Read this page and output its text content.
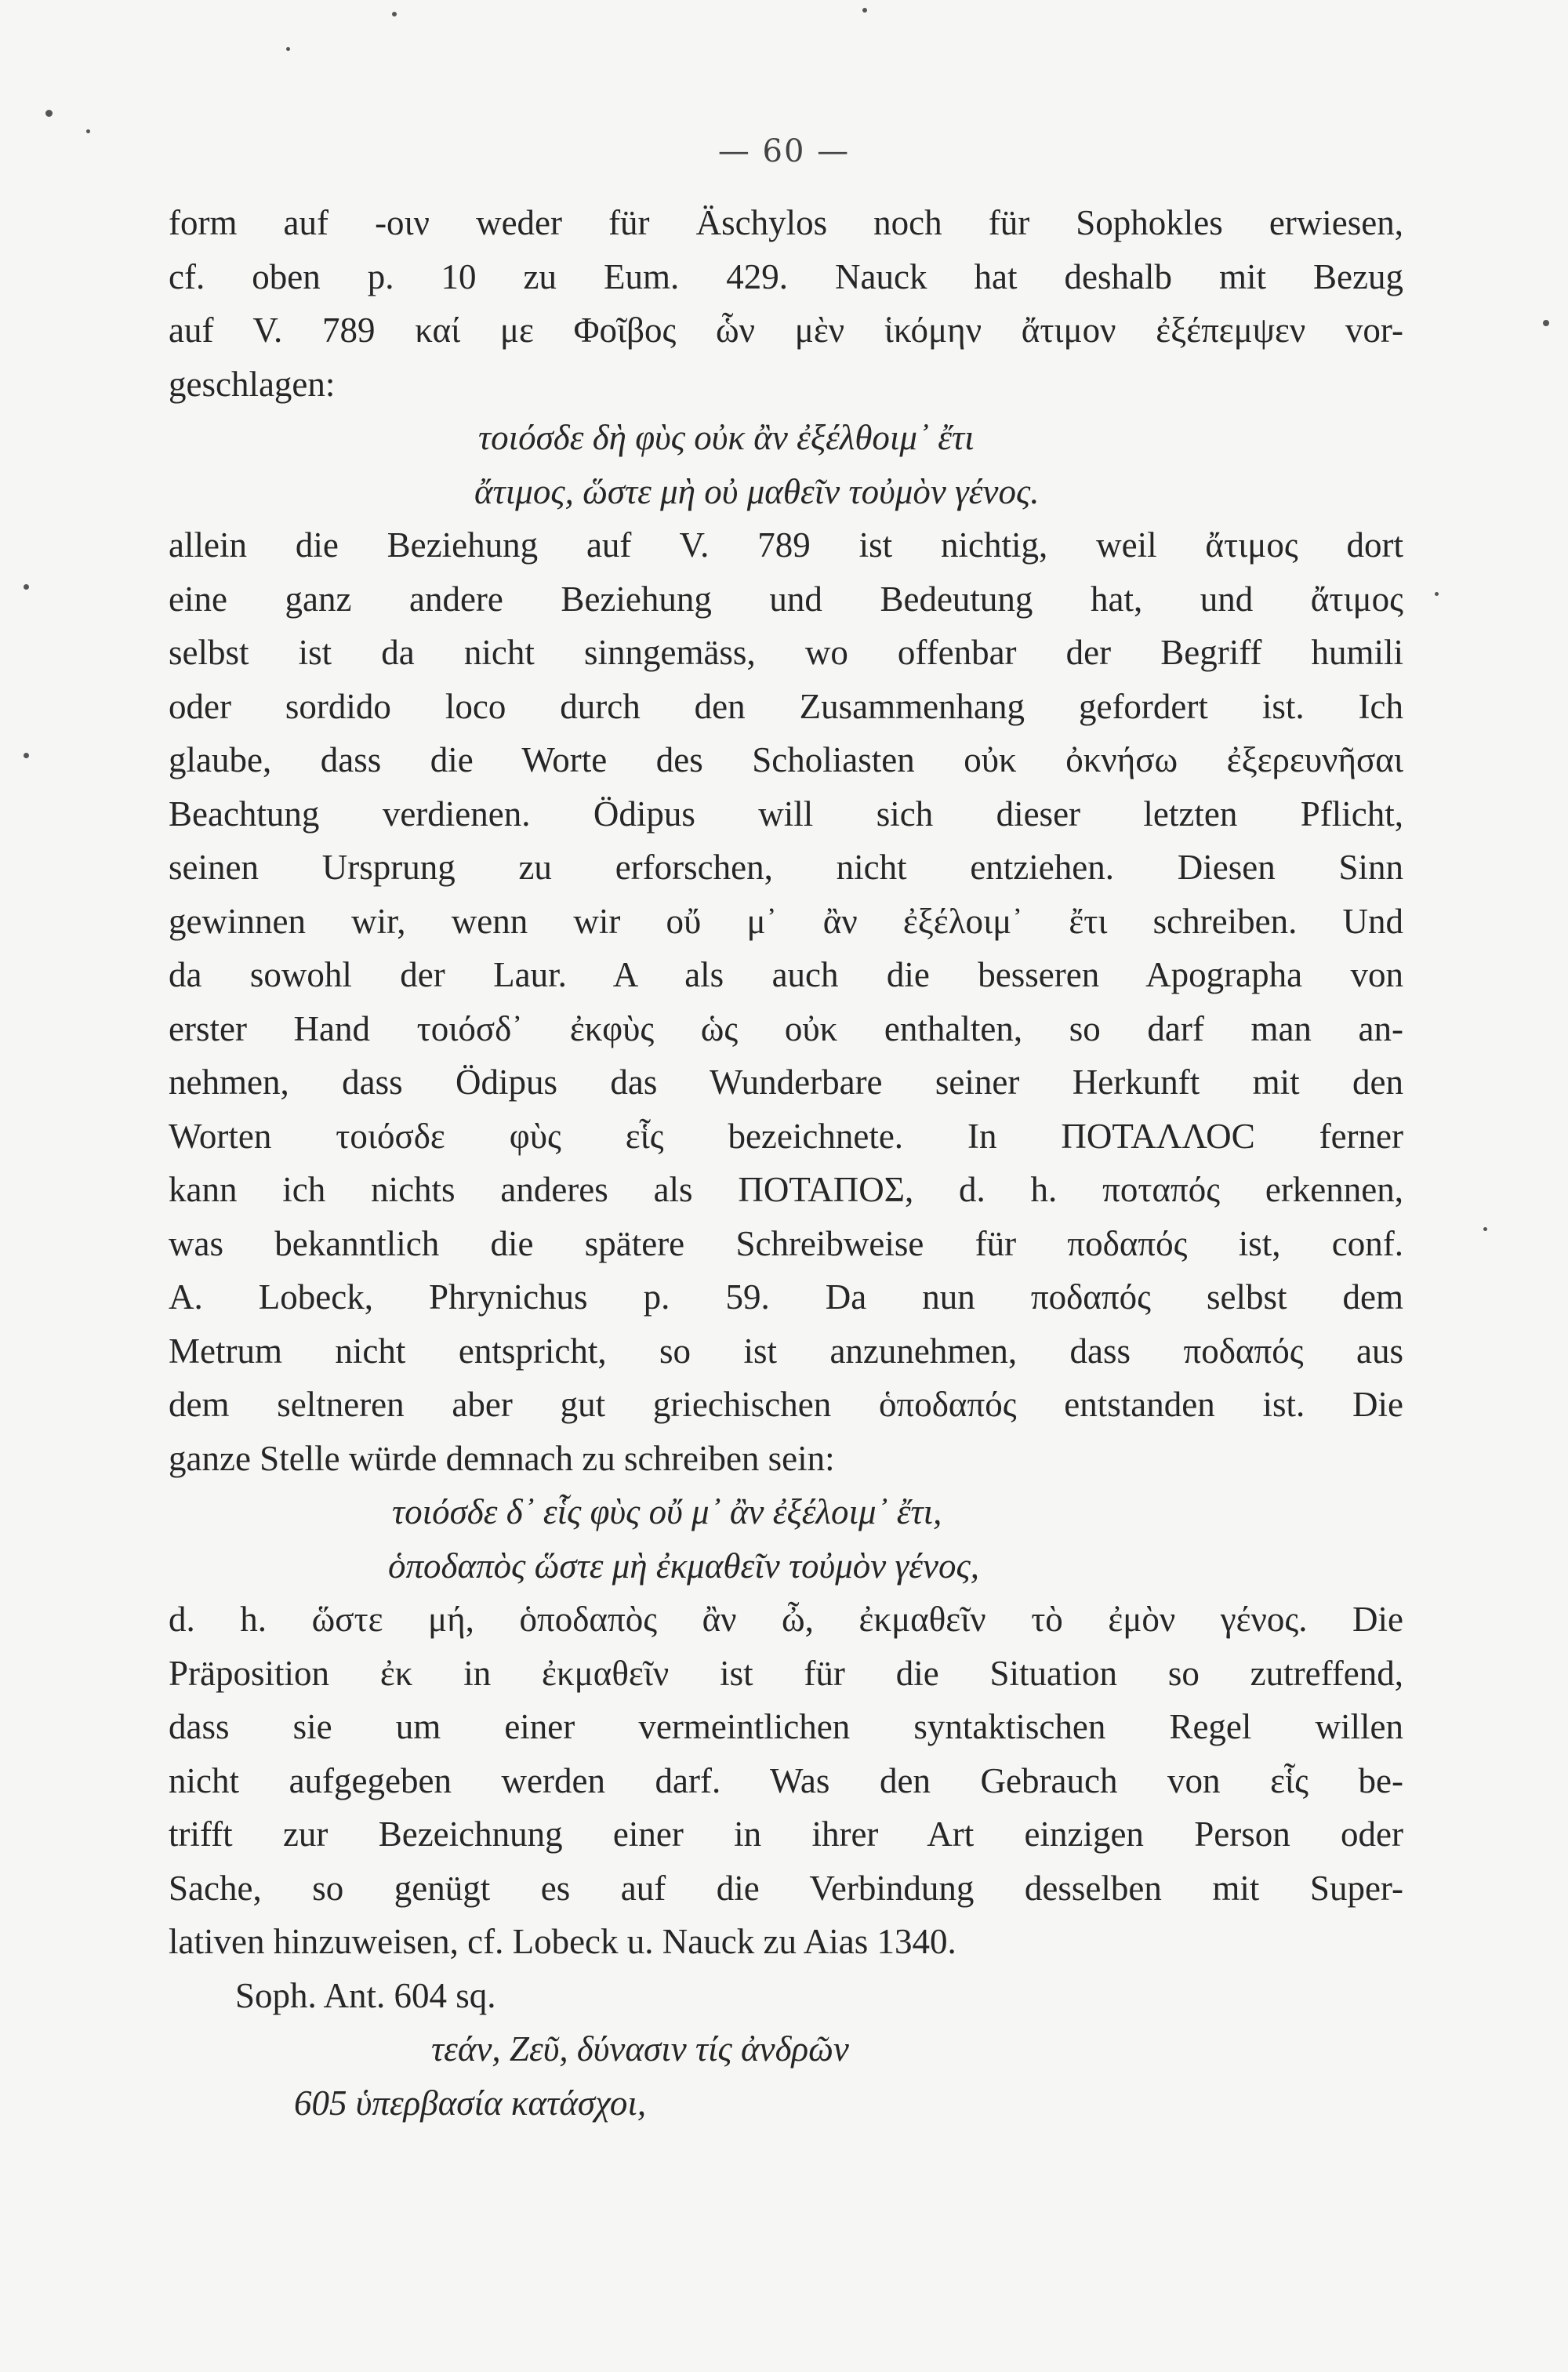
— 60 —
form auf -οιν weder für Äschylos noch für Sophokles erwiesen,
cf. oben p. 10 zu Eum. 429. Nauck hat deshalb mit Bezug
auf V. 789 καί με Φοῖβος ὧν μὲν ἱκόμην ἄτιμον ἐξέπεμψεν vor-
geschlagen:
τοιόσδε δὴ φὺς οὐκ ἂν ἐξέλθοιμ᾽ ἔτι
ἄτιμος, ὥστε μὴ οὐ μαθεῖν τοὐμὸν γένος.
allein die Beziehung auf V. 789 ist nichtig, weil ἄτιμος dort
eine ganz andere Beziehung und Bedeutung hat, und ἄτιμος
selbst ist da nicht sinngemäss, wo offenbar der Begriff humili
oder sordido loco durch den Zusammenhang gefordert ist. Ich
glaube, dass die Worte des Scholiasten οὐκ ὀκνήσω ἐξερευνῆσαι
Beachtung verdienen. Ödipus will sich dieser letzten Pflicht,
seinen Ursprung zu erforschen, nicht entziehen. Diesen Sinn
gewinnen wir, wenn wir οὔ μ᾽ ἂν ἐξέλοιμ᾽ ἔτι schreiben. Und
da sowohl der Laur. A als auch die besseren Apographa von
erster Hand τοιόσδ᾽ ἐκφὺς ὡς οὐκ enthalten, so darf man an-
nehmen, dass Ödipus das Wunderbare seiner Herkunft mit den
Worten τοιόσδε φὺς εἷς bezeichnete. In ΠΟΤΑΛΛΟϹ ferner
kann ich nichts anderes als ΠΟΤΑΠΟΣ, d. h. ποταπός erkennen,
was bekanntlich die spätere Schreibweise für ποδαπός ist, conf.
A. Lobeck, Phrynichus p. 59. Da nun ποδαπός selbst dem
Metrum nicht entspricht, so ist anzunehmen, dass ποδαπός aus
dem seltneren aber gut griechischen ὁποδαπός entstanden ist. Die
ganze Stelle würde demnach zu schreiben sein:
τοιόσδε δ᾽ εἷς φὺς οὔ μ᾽ ἂν ἐξέλοιμ᾽ ἔτι,
ὁποδαπὸς ὥστε μὴ ἐκμαθεῖν τοὐμὸν γένος,
d. h. ὥστε μή, ὁποδαπὸς ἂν ὦ, ἐκμαθεῖν τὸ ἐμὸν γένος. Die
Präposition ἐκ in ἐκμαθεῖν ist für die Situation so zutreffend,
dass sie um einer vermeintlichen syntaktischen Regel willen
nicht aufgegeben werden darf. Was den Gebrauch von εἷς be-
trifft zur Bezeichnung einer in ihrer Art einzigen Person oder
Sache, so genügt es auf die Verbindung desselben mit Super-
lativen hinzuweisen, cf. Lobeck u. Nauck zu Aias 1340.
Soph. Ant. 604 sq.
τεάν, Ζεῦ, δύνασιν τίς ἀνδρῶν
605 ὑπερβασία κατάσχοι,
